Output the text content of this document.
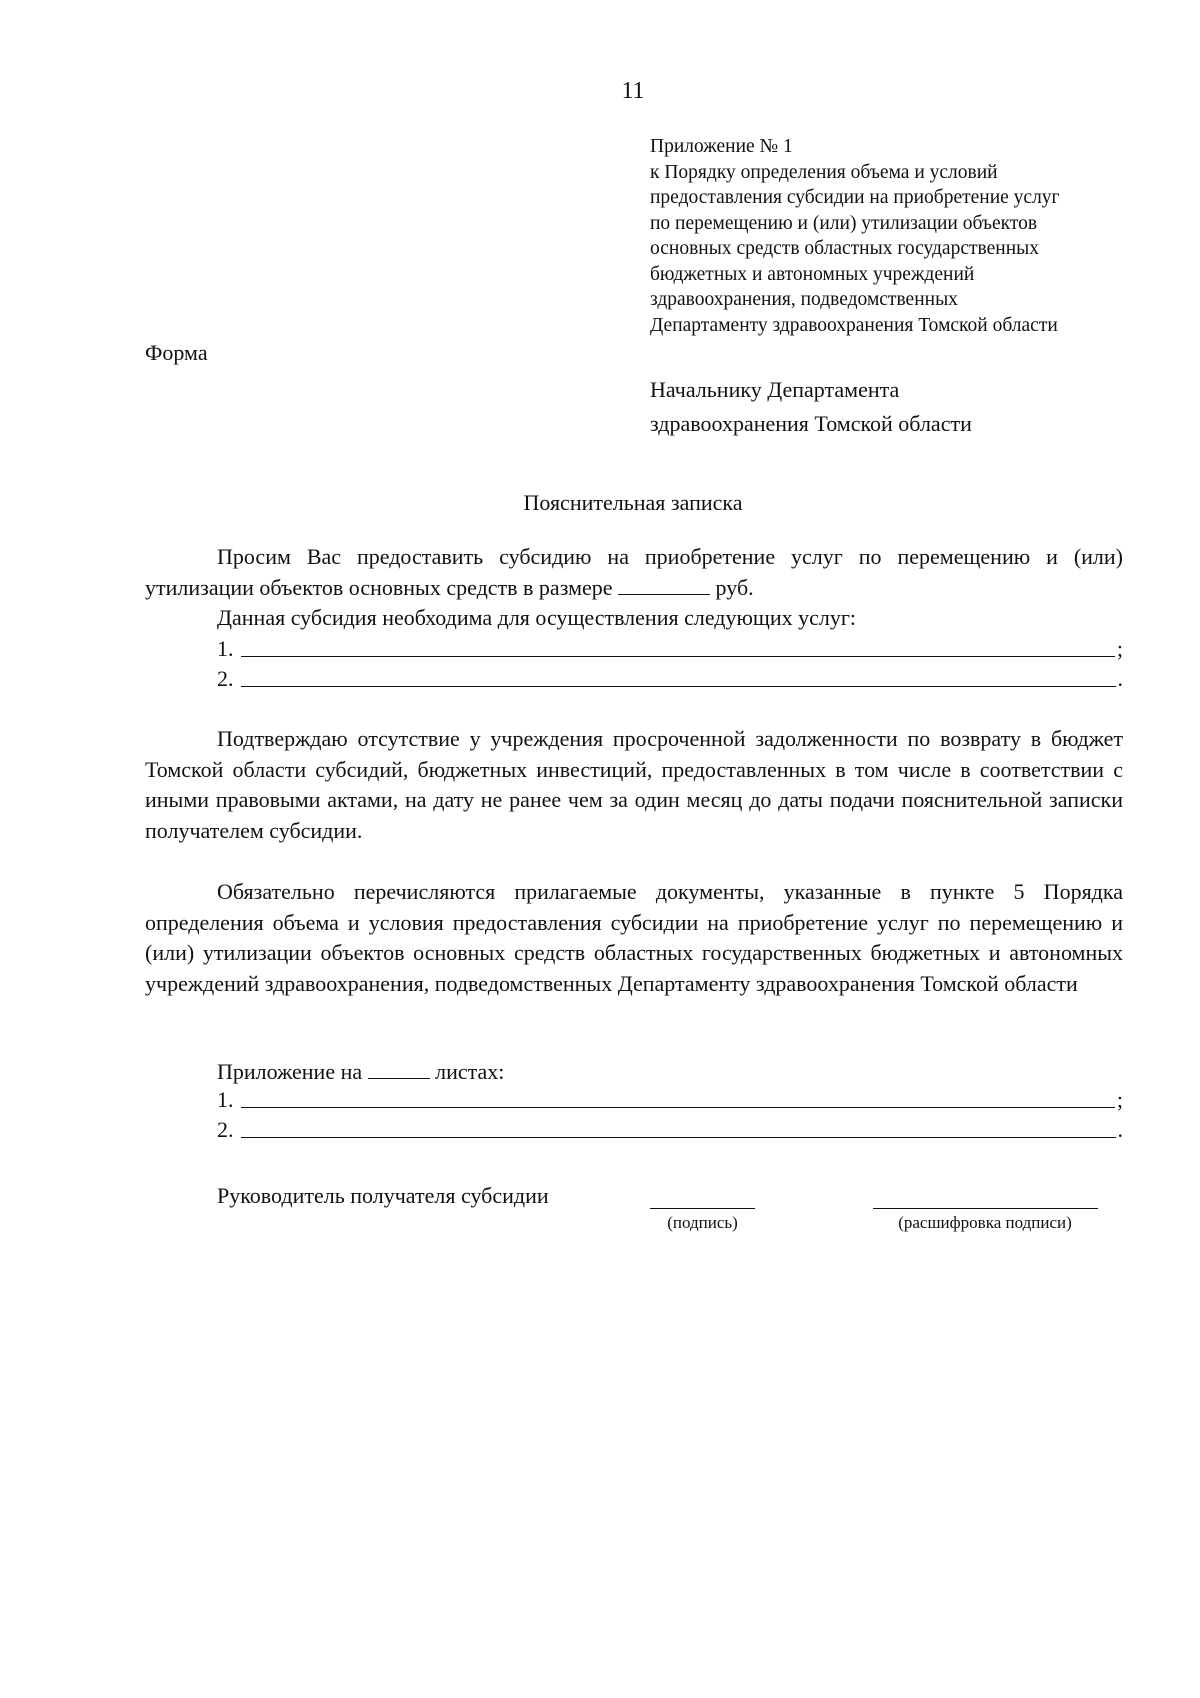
11
Приложение № 1
к Порядку определения объема и условий
предоставления субсидии на приобретение услуг
по перемещению и (или) утилизации объектов
основных средств областных государственных
бюджетных и автономных учреждений
здравоохранения, подведомственных
Департаменту здравоохранения Томской области
Форма
Начальнику Департамента
здравоохранения Томской области
Пояснительная записка
Просим Вас предоставить субсидию на приобретение услуг по перемещению и (или) утилизации объектов основных средств в размере	руб.
Данная субсидия необходима для осуществления следующих услуг:
1.	;
2.	.
Подтверждаю отсутствие у учреждения просроченной задолженности по возврату в бюджет Томской области субсидий, бюджетных инвестиций, предоставленных в том числе в соответствии с иными правовыми актами, на дату не ранее чем за один месяц до даты подачи пояснительной записки получателем субсидии.
Обязательно перечисляются прилагаемые документы, указанные в пункте 5 Порядка определения объема и условия предоставления субсидии на приобретение услуг по перемещению и (или) утилизации объектов основных средств областных государственных бюджетных и автономных учреждений здравоохранения, подведомственных Департаменту здравоохранения Томской области
Приложение на	листах:
1.	;
2.	.
Руководитель получателя субсидии
(подпись)	(расшифровка подписи)
